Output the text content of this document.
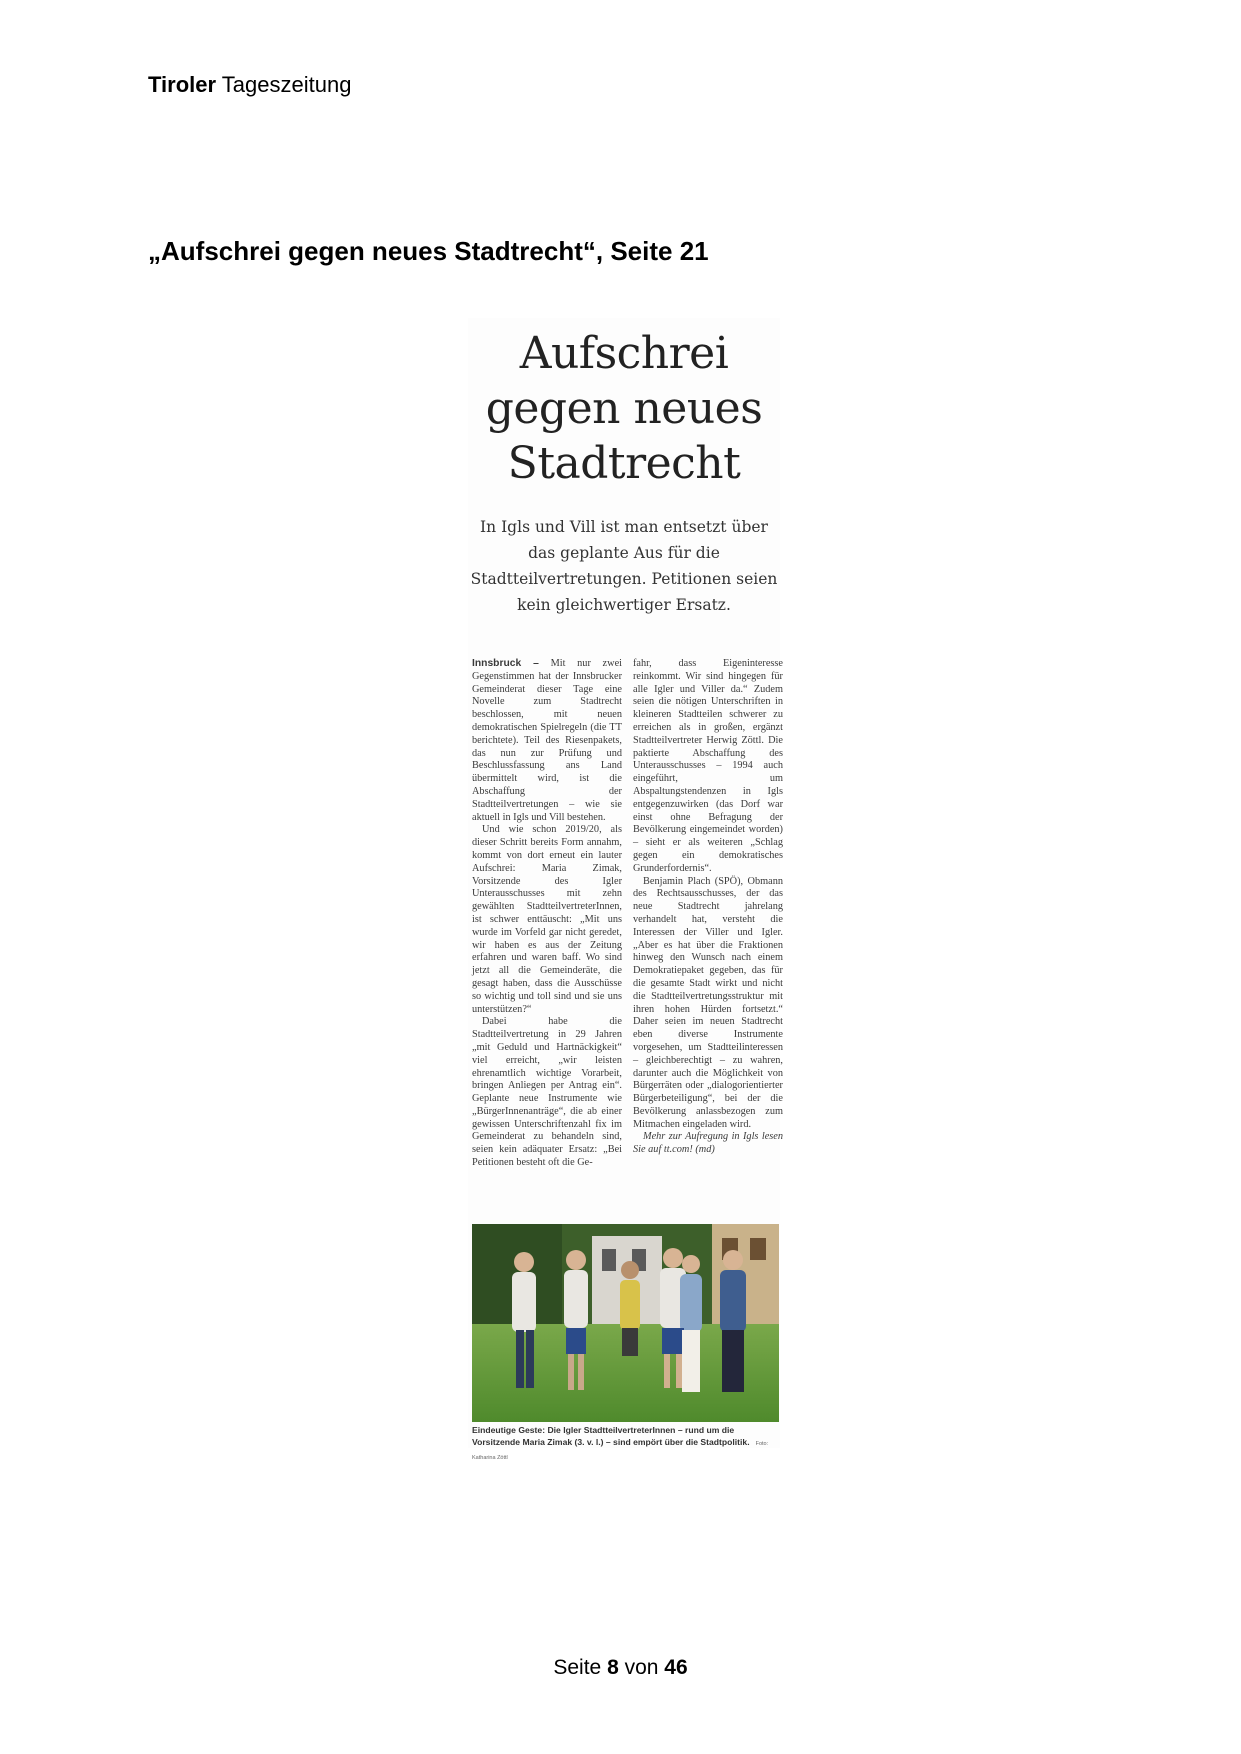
Tiroler Tageszeitung
„Aufschrei gegen neues Stadtrecht“, Seite 21
Aufschrei gegen neues Stadtrecht
In Igls und Vill ist man entsetzt über das geplante Aus für die Stadtteilvertretungen. Petitionen seien kein gleichwertiger Ersatz.

Innsbruck – Mit nur zwei Gegenstimmen hat der Innsbrucker Gemeinderat dieser Tage eine Novelle zum Stadtrecht beschlossen, mit neuen demokratischen Spielregeln (die TT berichtete). Teil des Riesenpakets, das nun zur Prüfung und Beschlussfassung ans Land übermittelt wird, ist die Abschaffung der Stadtteilvertretungen – wie sie aktuell in Igls und Vill bestehen.

Und wie schon 2019/20, als dieser Schritt bereits Form annahm, kommt von dort erneut ein lauter Aufschrei: Maria Zimak, Vorsitzende des Igler Unterausschusses mit zehn gewählten StadtteilvertreterInnen, ist schwer enttäuscht: „Mit uns wurde im Vorfeld gar nicht geredet, wir haben es aus der Zeitung erfahren und waren baff. Wo sind jetzt all die Gemeinderäte, die gesagt haben, dass die Ausschüsse so wichtig und toll sind und sie uns unterstützen?“

Dabei habe die Stadtteilvertretung in 29 Jahren „mit Geduld und Hartnäckigkeit“ viel erreicht, „wir leisten ehrenamtlich wichtige Vorarbeit, bringen Anliegen per Antrag ein“. Geplante neue Instrumente wie „BürgerInnenanträge“, die ab einer gewissen Unterschriftenzahl fix im Gemeinderat zu behandeln sind, seien kein adäquater Ersatz: „Bei Petitionen besteht oft die Ge-

fahr, dass Eigeninteresse reinkommt. Wir sind hingegen für alle Igler und Viller da.“ Zudem seien die nötigen Unterschriften in kleineren Stadtteilen schwerer zu erreichen als in großen, ergänzt Stadtteilvertreter Herwig Zöttl. Die paktierte Abschaffung des Unterausschusses – 1994 auch eingeführt, um Abspaltungstendenzen in Igls entgegenzuwirken (das Dorf war einst ohne Befragung der Bevölkerung eingemeindet worden) – sieht er als weiteren „Schlag gegen ein demokratisches Grunderfordernis“.

Benjamin Plach (SPÖ), Obmann des Rechtsausschusses, der das neue Stadtrecht jahrelang verhandelt hat, versteht die Interessen der Viller und Igler. „Aber es hat über die Fraktionen hinweg den Wunsch nach einem Demokratiepaket gegeben, das für die gesamte Stadt wirkt und nicht die Stadtteilvertretungsstruktur mit ihren hohen Hürden fortsetzt.“ Daher seien im neuen Stadtrecht eben diverse Instrumente vorgesehen, um Stadtteilinteressen – gleichberechtigt – zu wahren, darunter auch die Möglichkeit von Bürgerräten oder „dialogorientierter Bürgerbeteiligung“, bei der die Bevölkerung anlassbezogen zum Mitmachen eingeladen wird.

Mehr zur Aufregung in Igls lesen Sie auf tt.com! (md)

Eindeutige Geste: Die Igler StadtteilvertreterInnen – rund um die Vorsitzende Maria Zimak (3. v. l.) – sind empört über die Stadtpolitik. Foto: Katharina Zöttl
Seite 8 von 46
